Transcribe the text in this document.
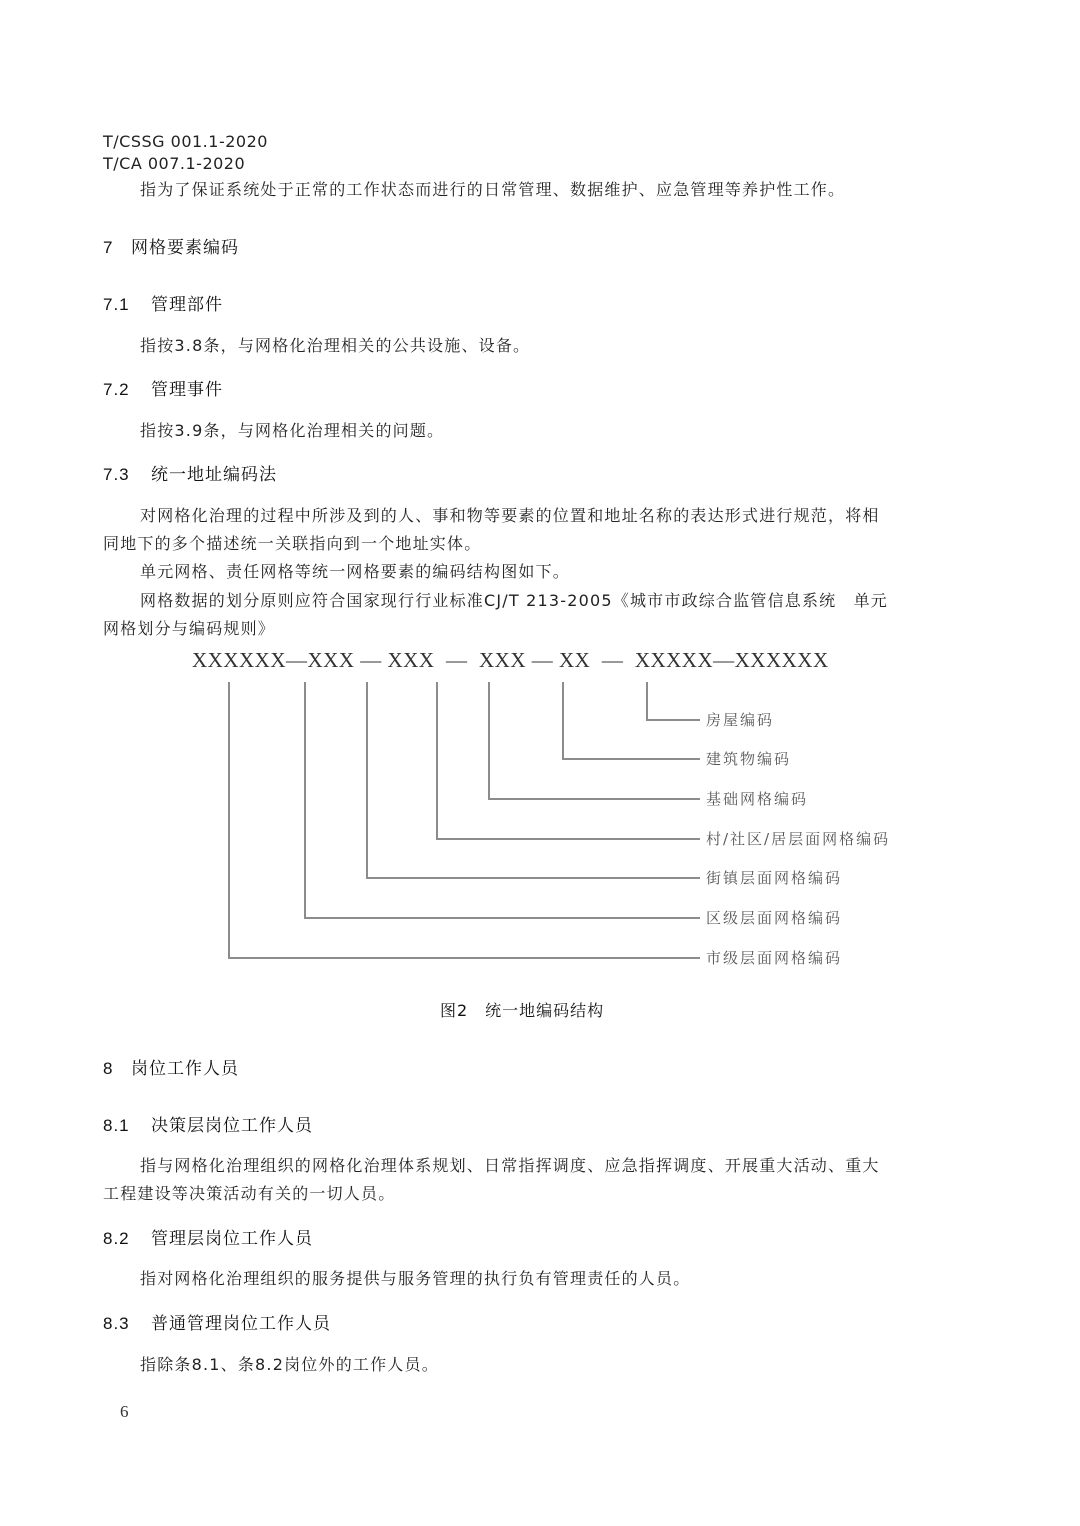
T/CSSG 001.1-2020
T/CA 007.1-2020
指为了保证系统处于正常的工作状态而进行的日常管理、数据维护、应急管理等养护性工作。
7 网格要素编码
7.1 管理部件
指按3.8条，与网格化治理相关的公共设施、设备。
7.2 管理事件
指按3.9条，与网格化治理相关的问题。
7.3 统一地址编码法
对网格化治理的过程中所涉及到的人、事和物等要素的位置和地址名称的表达形式进行规范，将相
同地下的多个描述统一关联指向到一个地址实体。
单元网格、责任网格等统一网格要素的编码结构图如下。
网格数据的划分原则应符合国家现行行业标准CJ/T 213-2005《城市市政综合监管信息系统　单元
网格划分与编码规则》
XXXXXX—XXX — XXX  —  XXX — XX  —  XXXXX—XXXXXX
房屋编码
建筑物编码
基础网格编码
村/社区/居层面网格编码
街镇层面网格编码
区级层面网格编码
市级层面网格编码
图2　统一地编码结构
8 岗位工作人员
8.1 决策层岗位工作人员
指与网格化治理组织的网格化治理体系规划、日常指挥调度、应急指挥调度、开展重大活动、重大
工程建设等决策活动有关的一切人员。
8.2 管理层岗位工作人员
指对网格化治理组织的服务提供与服务管理的执行负有管理责任的人员。
8.3 普通管理岗位工作人员
指除条8.1、条8.2岗位外的工作人员。
6
